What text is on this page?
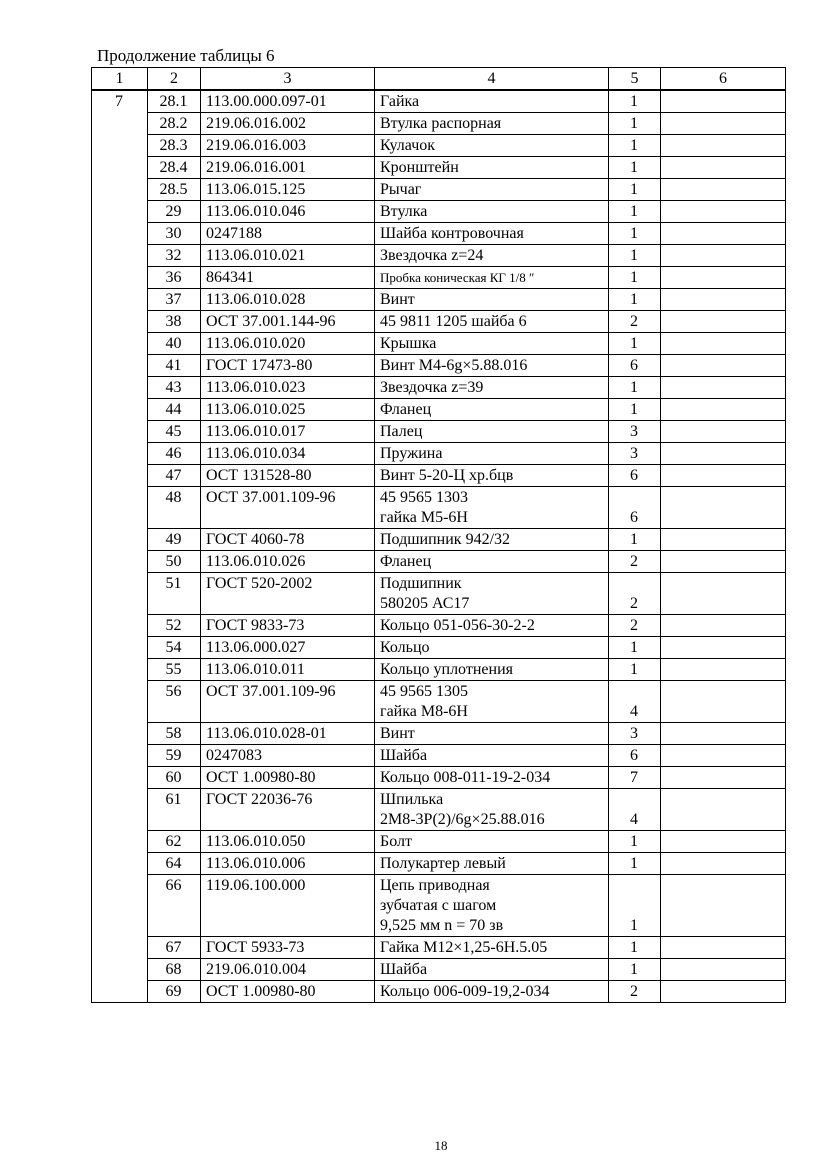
Продолжение таблицы 6
1	2	3	4	5	6
7	28.1	113.00.000.097-01	Гайка	1	
	28.2	219.06.016.002	Втулка распорная	1	
	28.3	219.06.016.003	Кулачок	1	
	28.4	219.06.016.001	Кронштейн	1	
	28.5	113.06.015.125	Рычаг	1	
	29	113.06.010.046	Втулка	1	
	30	0247188	Шайба контровочная	1	
	32	113.06.010.021	Звездочка z=24	1	
	36	864341	Пробка коническая КГ 1/8 ″	1	
	37	113.06.010.028	Винт	1	
	38	ОСТ 37.001.144-96	45 9811 1205 шайба 6	2	
	40	113.06.010.020	Крышка	1	
	41	ГОСТ 17473-80	Винт М4-6g×5.88.016	6	
	43	113.06.010.023	Звездочка z=39	1	
	44	113.06.010.025	Фланец	1	
	45	113.06.010.017	Палец	3	
	46	113.06.010.034	Пружина	3	
	47	ОСТ 131528-80	Винт 5-20-Ц хр.бцв	6	
	48	ОСТ 37.001.109-96	45 9565 1303
гайка М5-6Н	6	
	49	ГОСТ 4060-78	Подшипник 942/32	1	
	50	113.06.010.026	Фланец	2	
	51	ГОСТ 520-2002	Подшипник
580205 АС17	2	
	52	ГОСТ 9833-73	Кольцо 051-056-30-2-2	2	
	54	113.06.000.027	Кольцо	1	
	55	113.06.010.011	Кольцо уплотнения	1	
	56	ОСТ 37.001.109-96	45 9565 1305
гайка М8-6Н	4	
	58	113.06.010.028-01	Винт	3	
	59	0247083	Шайба	6	
	60	ОСТ 1.00980-80	Кольцо 008-011-19-2-034	7	
	61	ГОСТ 22036-76	Шпилька
2М8-3Р(2)/6g×25.88.016	4	
	62	113.06.010.050	Болт	1	
	64	113.06.010.006	Полукартер левый	1	
	66	119.06.100.000	Цепь приводная
зубчатая с шагом
9,525 мм n = 70 зв	1	
	67	ГОСТ 5933-73	Гайка М12×1,25-6Н.5.05	1	
	68	219.06.010.004	Шайба	1	
	69	ОСТ 1.00980-80	Кольцо 006-009-19,2-034	2	
18
